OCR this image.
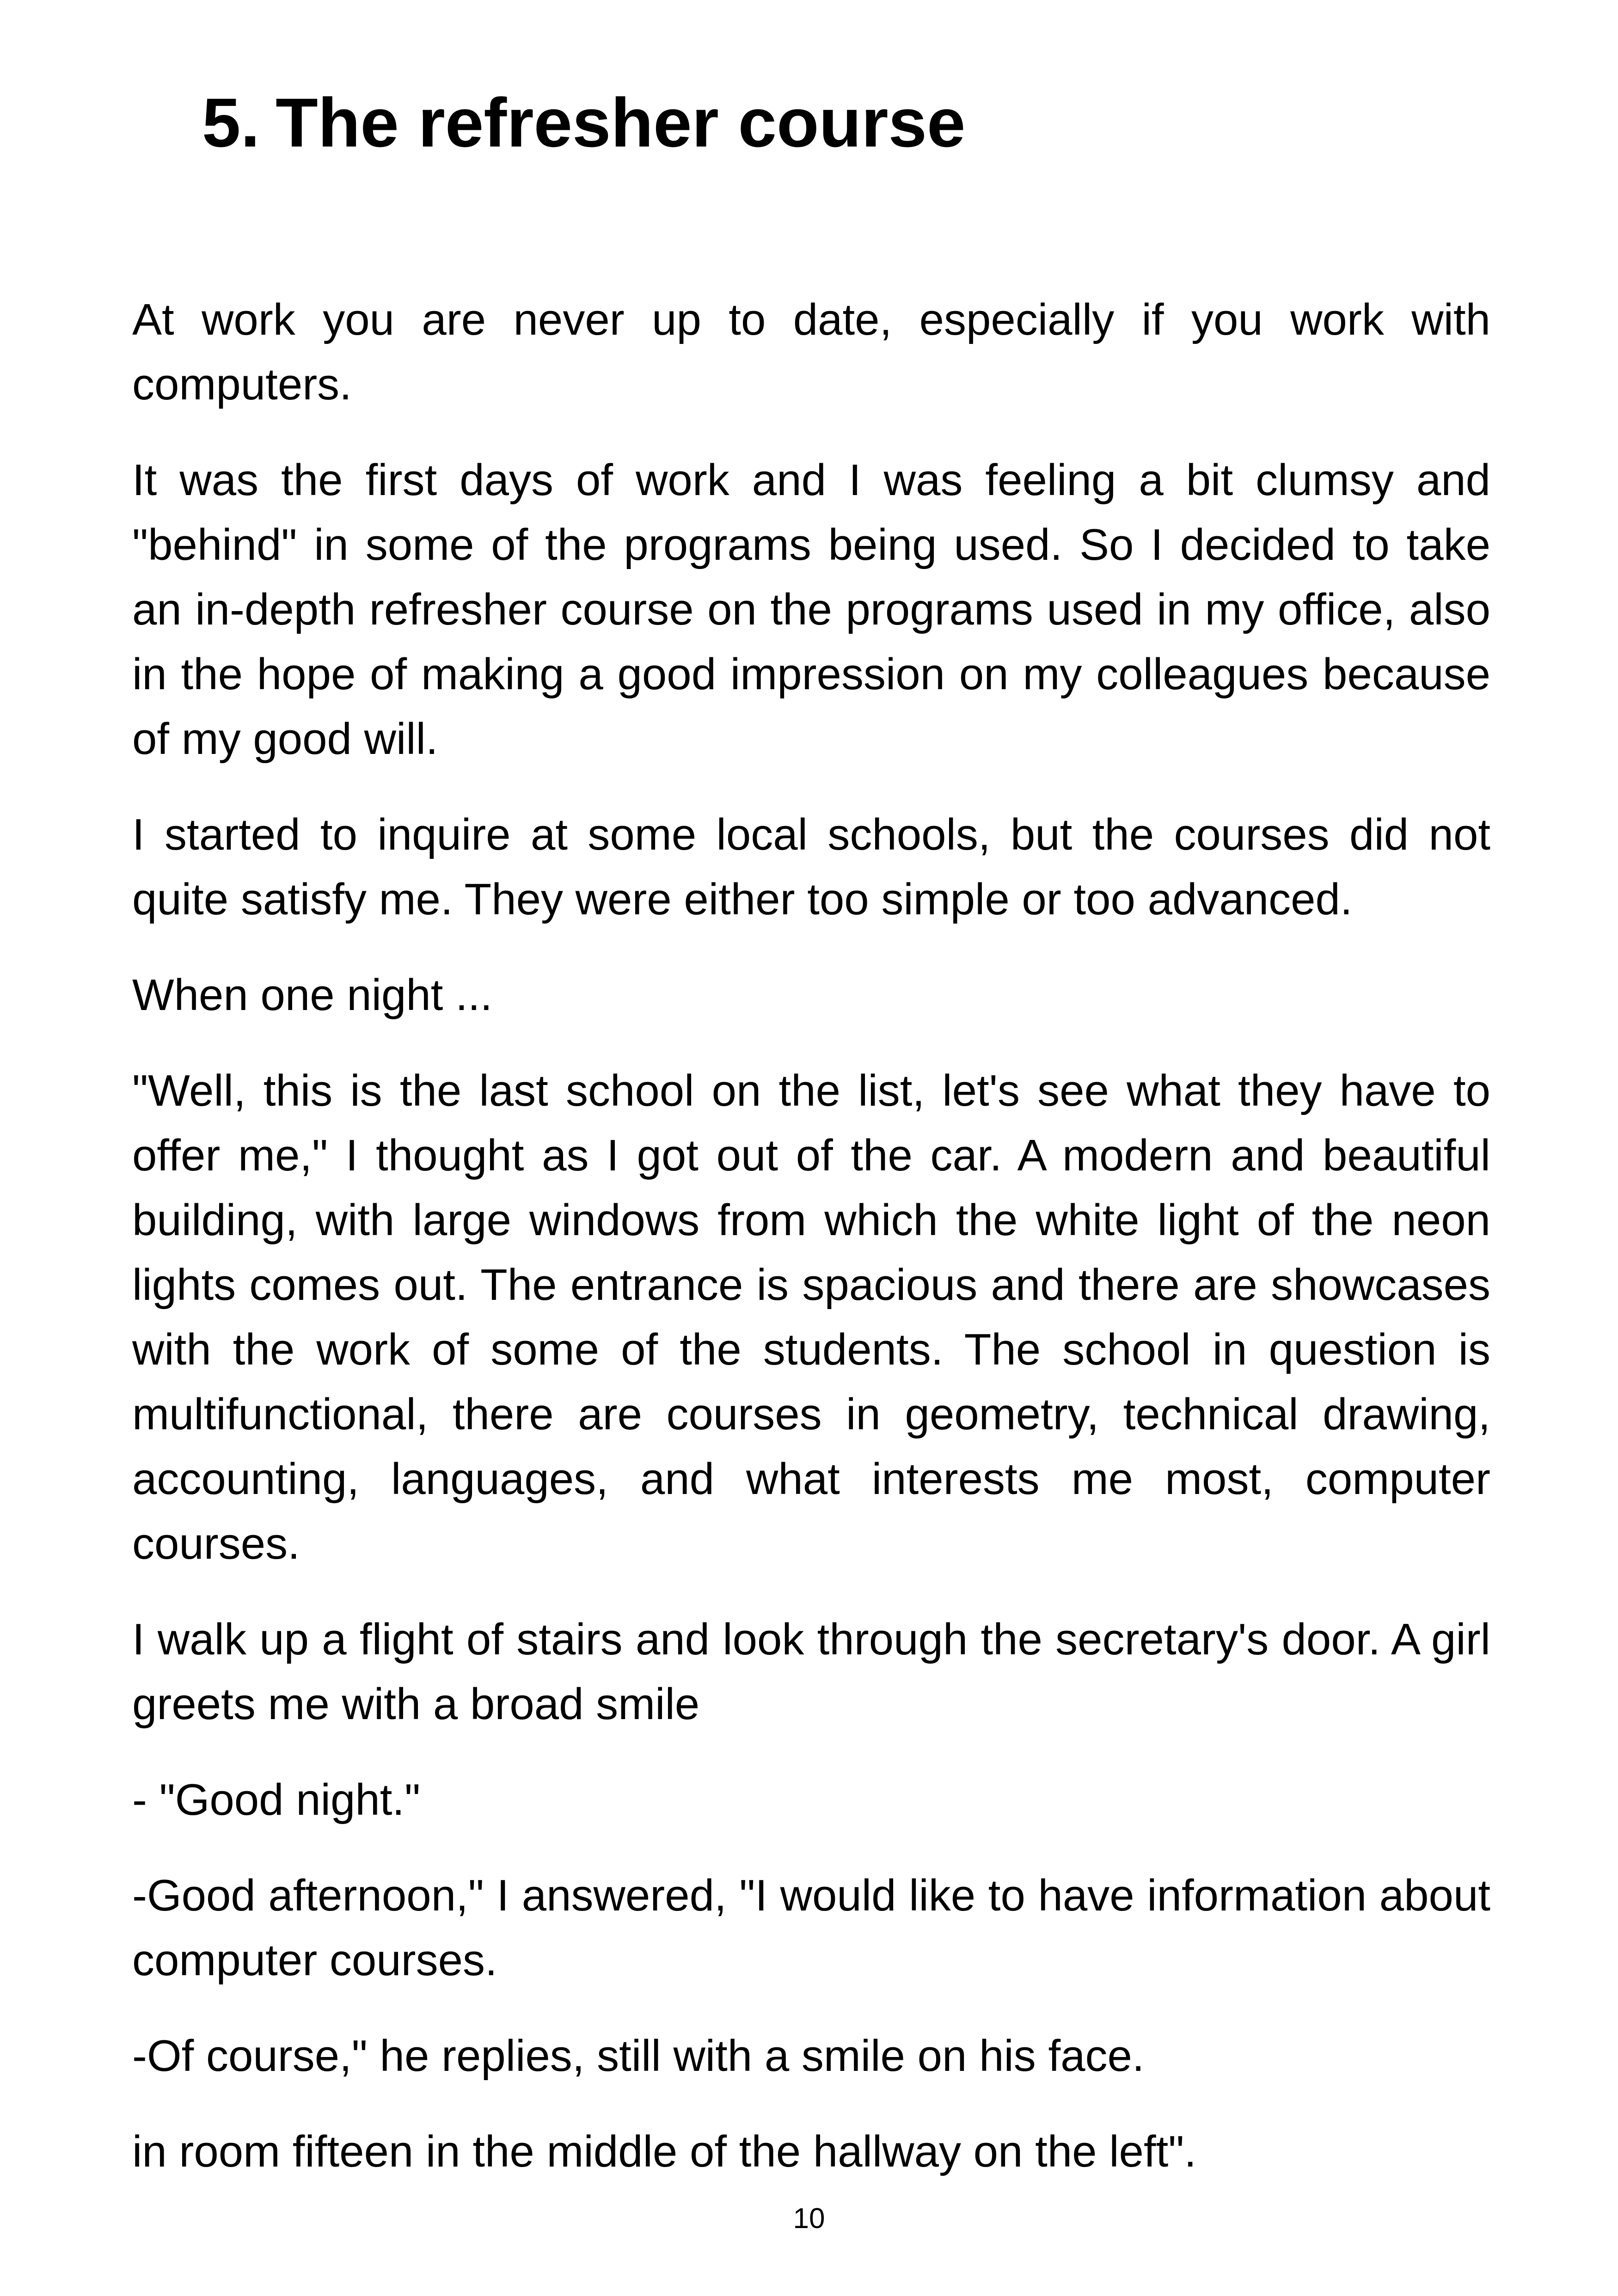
5. The refresher course

At work you are never up to date, especially if you work with computers.

It was the first days of work and I was feeling a bit clumsy and "behind" in some of the programs being used. So I decided to take an in-depth refresher course on the programs used in my office, also in the hope of making a good impression on my colleagues because of my good will.

I started to inquire at some local schools, but the courses did not quite satisfy me. They were either too simple or too advanced.

When one night ...

"Well, this is the last school on the list, let's see what they have to offer me," I thought as I got out of the car. A modern and beautiful building, with large windows from which the white light of the neon lights comes out. The entrance is spacious and there are showcases with the work of some of the students. The school in question is multifunctional, there are courses in geometry, technical drawing, accounting, languages, and what interests me most, computer courses.

I walk up a flight of stairs and look through the secretary's door. A girl greets me with a broad smile

- "Good night."

-Good afternoon," I answered, "I would like to have information about computer courses.

-Of course," he replies, still with a smile on his face.

in room fifteen in the middle of the hallway on the left".

10
